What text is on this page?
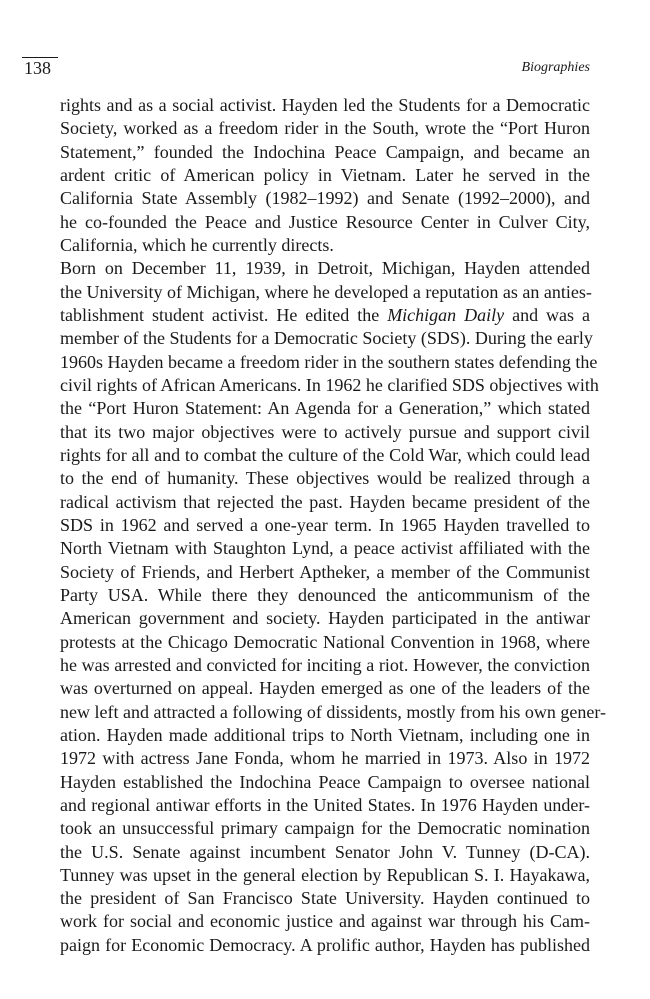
138	Biographies
rights and as a social activist. Hayden led the Students for a Democratic
Society, worked as a freedom rider in the South, wrote the “Port Huron
Statement,” founded the Indochina Peace Campaign, and became an
ardent critic of American policy in Vietnam. Later he served in the
California State Assembly (1982–1992) and Senate (1992–2000), and
he co-founded the Peace and Justice Resource Center in Culver City,
California, which he currently directs.
Born on December 11, 1939, in Detroit, Michigan, Hayden attended
the University of Michigan, where he developed a reputation as an anties-
tablishment student activist. He edited the Michigan Daily and was a
member of the Students for a Democratic Society (SDS). During the early
1960s Hayden became a freedom rider in the southern states defending the
civil rights of African Americans. In 1962 he clarified SDS objectives with
the “Port Huron Statement: An Agenda for a Generation,” which stated
that its two major objectives were to actively pursue and support civil
rights for all and to combat the culture of the Cold War, which could lead
to the end of humanity. These objectives would be realized through a
radical activism that rejected the past. Hayden became president of the
SDS in 1962 and served a one-year term. In 1965 Hayden travelled to
North Vietnam with Staughton Lynd, a peace activist affiliated with the
Society of Friends, and Herbert Aptheker, a member of the Communist
Party USA. While there they denounced the anticommunism of the
American government and society. Hayden participated in the antiwar
protests at the Chicago Democratic National Convention in 1968, where
he was arrested and convicted for inciting a riot. However, the conviction
was overturned on appeal. Hayden emerged as one of the leaders of the
new left and attracted a following of dissidents, mostly from his own gener-
ation. Hayden made additional trips to North Vietnam, including one in
1972 with actress Jane Fonda, whom he married in 1973. Also in 1972
Hayden established the Indochina Peace Campaign to oversee national
and regional antiwar efforts in the United States. In 1976 Hayden under-
took an unsuccessful primary campaign for the Democratic nomination
the U.S. Senate against incumbent Senator John V. Tunney (D-CA).
Tunney was upset in the general election by Republican S. I. Hayakawa,
the president of San Francisco State University. Hayden continued to
work for social and economic justice and against war through his Cam-
paign for Economic Democracy. A prolific author, Hayden has published
